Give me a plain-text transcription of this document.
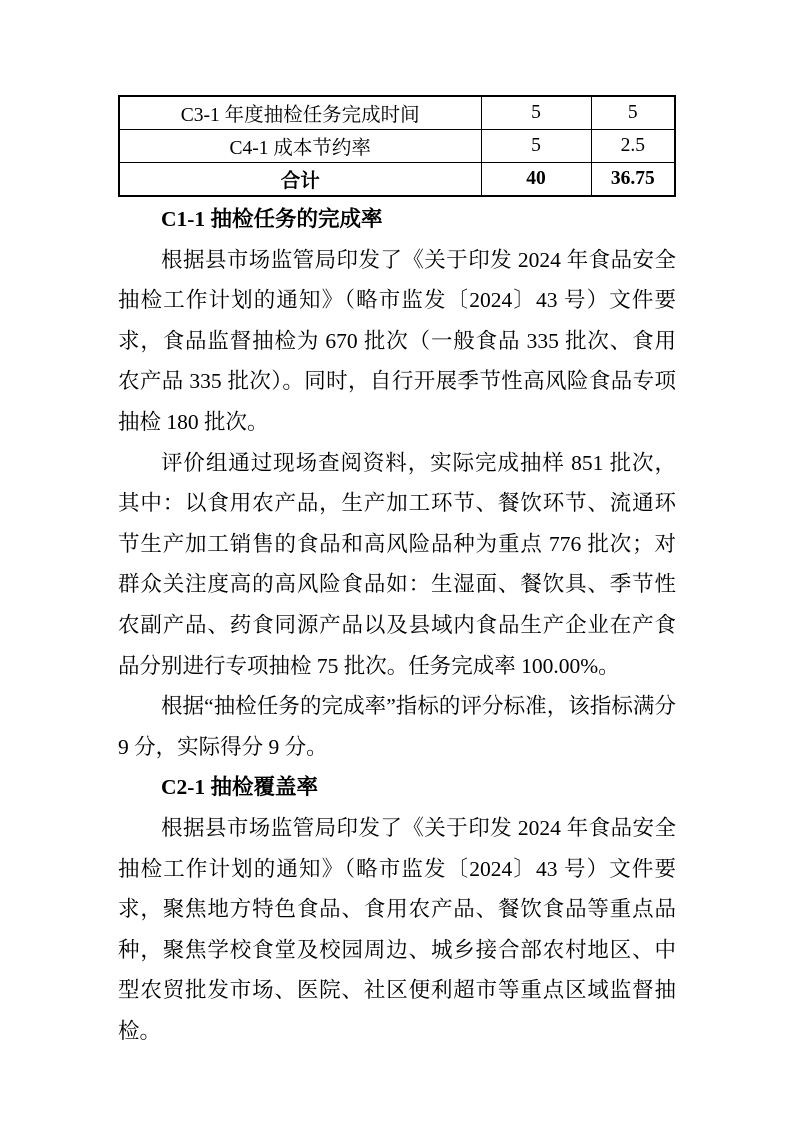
C3-1 年度抽检任务完成时间	5	5
C4-1 成本节约率	5	2.5
合计	40	36.75
C1-1 抽检任务的完成率

根据县市场监管局印发了《关于印发 2024 年食品安全抽检工作计划的通知》（略市监发〔2024〕43 号）文件要求，食品监督抽检为 670 批次（一般食品 335 批次、食用农产品 335 批次）。同时，自行开展季节性高风险食品专项抽检 180 批次。

评价组通过现场查阅资料，实际完成抽样 851 批次，其中：以食用农产品，生产加工环节、餐饮环节、流通环节生产加工销售的食品和高风险品种为重点 776 批次；对群众关注度高的高风险食品如：生湿面、餐饮具、季节性农副产品、药食同源产品以及县域内食品生产企业在产食品分别进行专项抽检 75 批次。任务完成率 100.00%。

根据“抽检任务的完成率”指标的评分标准，该指标满分 9 分，实际得分 9 分。

C2-1 抽检覆盖率

根据县市场监管局印发了《关于印发 2024 年食品安全抽检工作计划的通知》（略市监发〔2024〕43 号）文件要求，聚焦地方特色食品、食用农产品、餐饮食品等重点品种，聚焦学校食堂及校园周边、城乡接合部农村地区、中型农贸批发市场、医院、社区便利超市等重点区域监督抽检。
